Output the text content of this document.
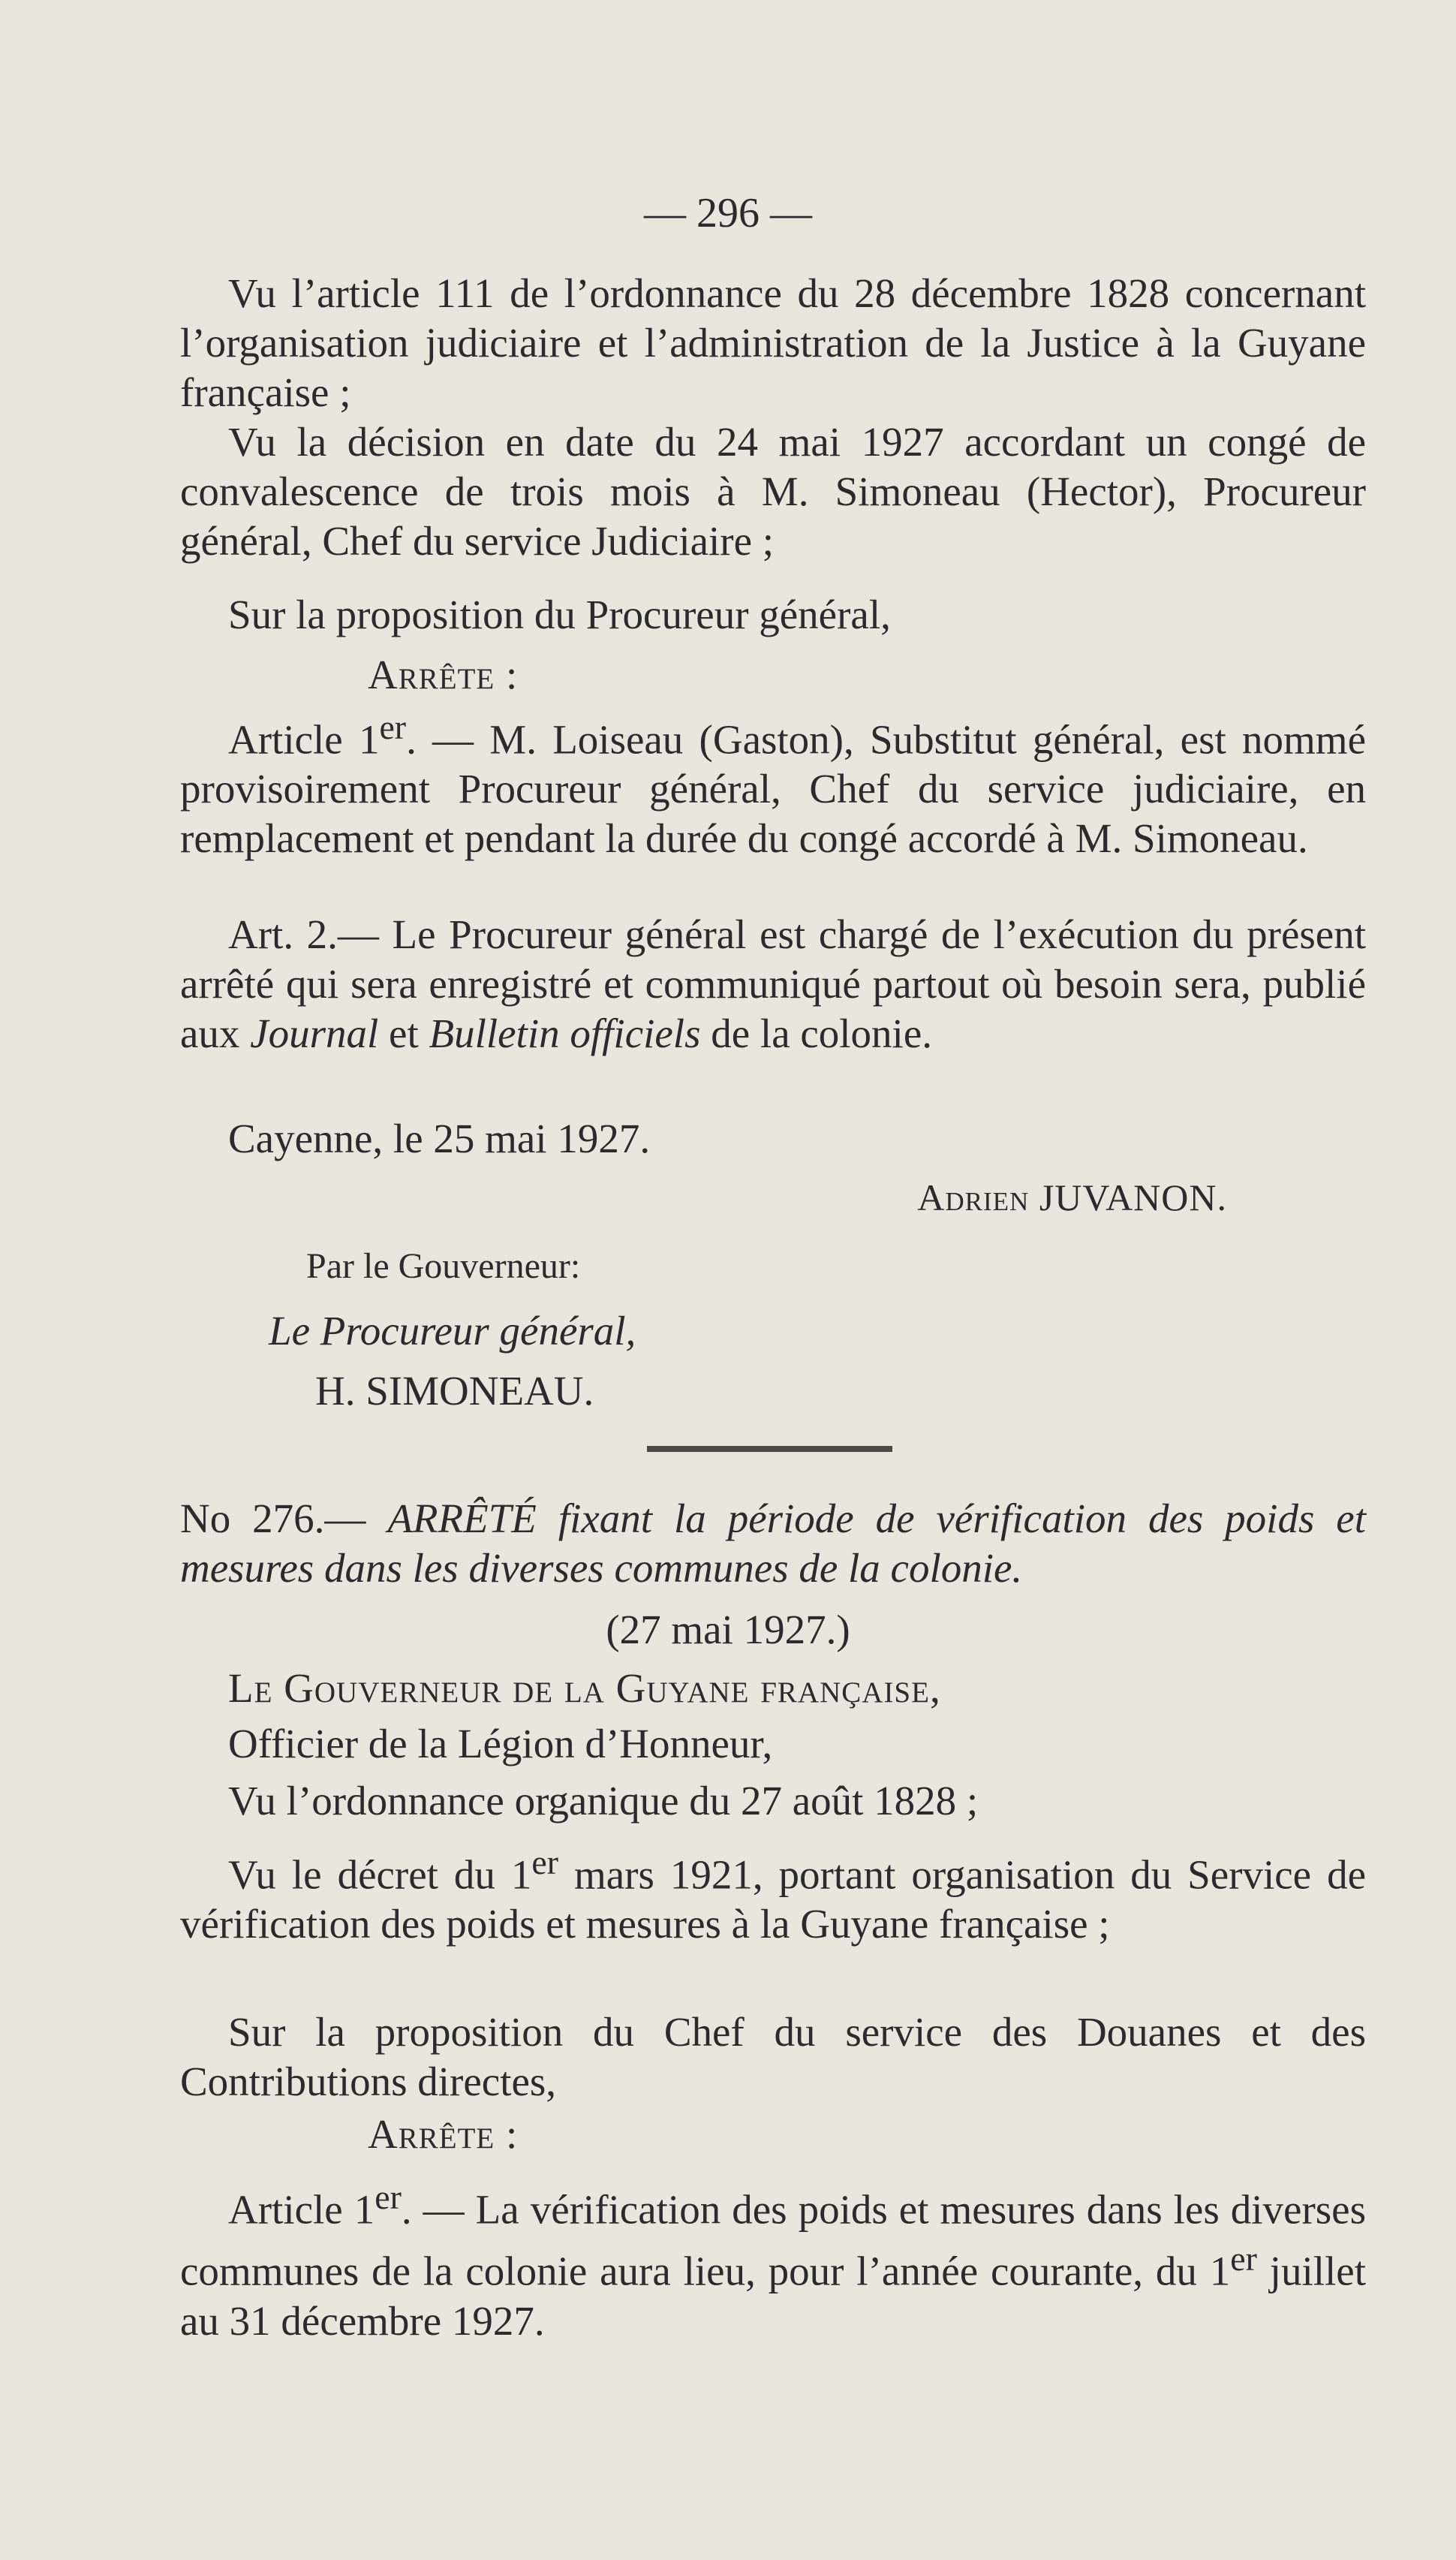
— 296 —
Vu l’article 111 de l’ordonnance du 28 décembre 1828 concernant l’organisation judiciaire et l’administration de la Justice à la Guyane française ;
Vu la décision en date du 24 mai 1927 accordant un congé de convalescence de trois mois à M. Simoneau (Hector), Procureur général, Chef du service Judiciaire ;
Sur la proposition du Procureur général,
Arrête :
Article 1er. — M. Loiseau (Gaston), Substitut général, est nommé provisoirement Procureur général, Chef du service judiciaire, en remplacement et pendant la durée du congé accordé à M. Simoneau.
Art. 2.— Le Procureur général est chargé de l’exécution du présent arrêté qui sera enregistré et communiqué partout où besoin sera, publié aux Journal et Bulletin officiels de la colonie.
Cayenne, le 25 mai 1927.
Adrien JUVANON.
Par le Gouverneur:
Le Procureur général,
H. SIMONEAU.
No 276.— ARRÊTÉ fixant la période de vérification des poids et mesures dans les diverses communes de la colonie.
(27 mai 1927.)
Le Gouverneur de la Guyane française,
Officier de la Légion d’Honneur,
Vu l’ordonnance organique du 27 août 1828 ;
Vu le décret du 1er mars 1921, portant organisation du Service de vérification des poids et mesures à la Guyane française ;
Sur la proposition du Chef du service des Douanes et des Contributions directes,
Arrête :
Article 1er. — La vérification des poids et mesures dans les diverses communes de la colonie aura lieu, pour l’année courante, du 1er juillet au 31 décembre 1927.
